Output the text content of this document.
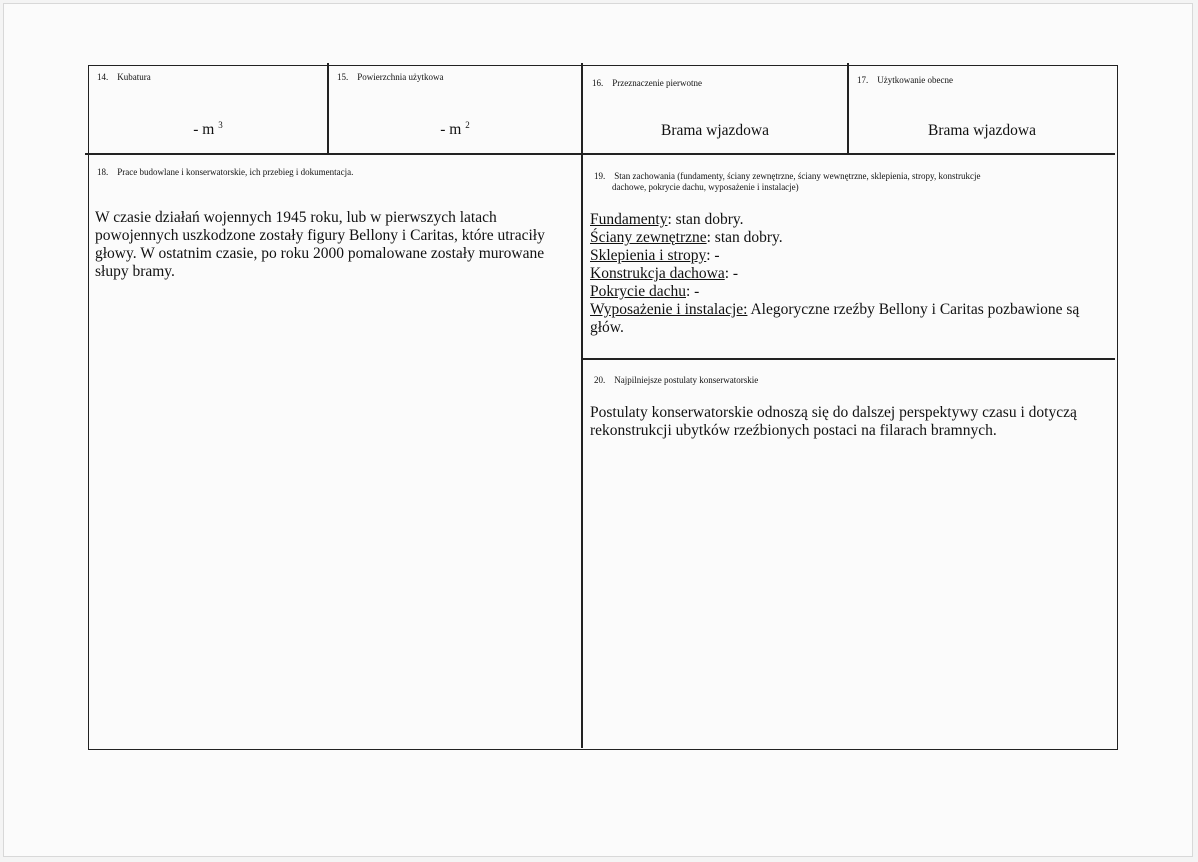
14. Kubatura
- m $^3$
15. Powierzchnia użytkowa
- m $^2$
16. Przeznaczenie pierwotne
Brama wjazdowa
17. Użytkowanie obecne
Brama wjazdowa
18. Prace budowlane i konserwatorskie, ich przebieg i dokumentacja.
W czasie działań wojennych 1945 roku, lub w pierwszych latach
powojennych uszkodzone zostały figury Bellony i Caritas, które utraciły
głowy. W ostatnim czasie, po roku 2000 pomalowane zostały murowane
słupy bramy.
19. Stan zachowania (fundamenty, ściany zewnętrzne, ściany wewnętrzne, sklepienia, stropy, konstrukcje
dachowe, pokrycie dachu, wyposażenie i instalacje)
Fundamenty: stan dobry.
Ściany zewnętrzne: stan dobry.
Sklepienia i stropy: -
Konstrukcja dachowa: -
Pokrycie dachu: -
Wyposażenie i instalacje: Alegoryczne rzeźby Bellony i Caritas pozbawione są
głów.
20. Najpilniejsze postulaty konserwatorskie
Postulaty konserwatorskie odnoszą się do dalszej perspektywy czasu i dotyczą
rekonstrukcji ubytków rzeźbionych postaci na filarach bramnych.
